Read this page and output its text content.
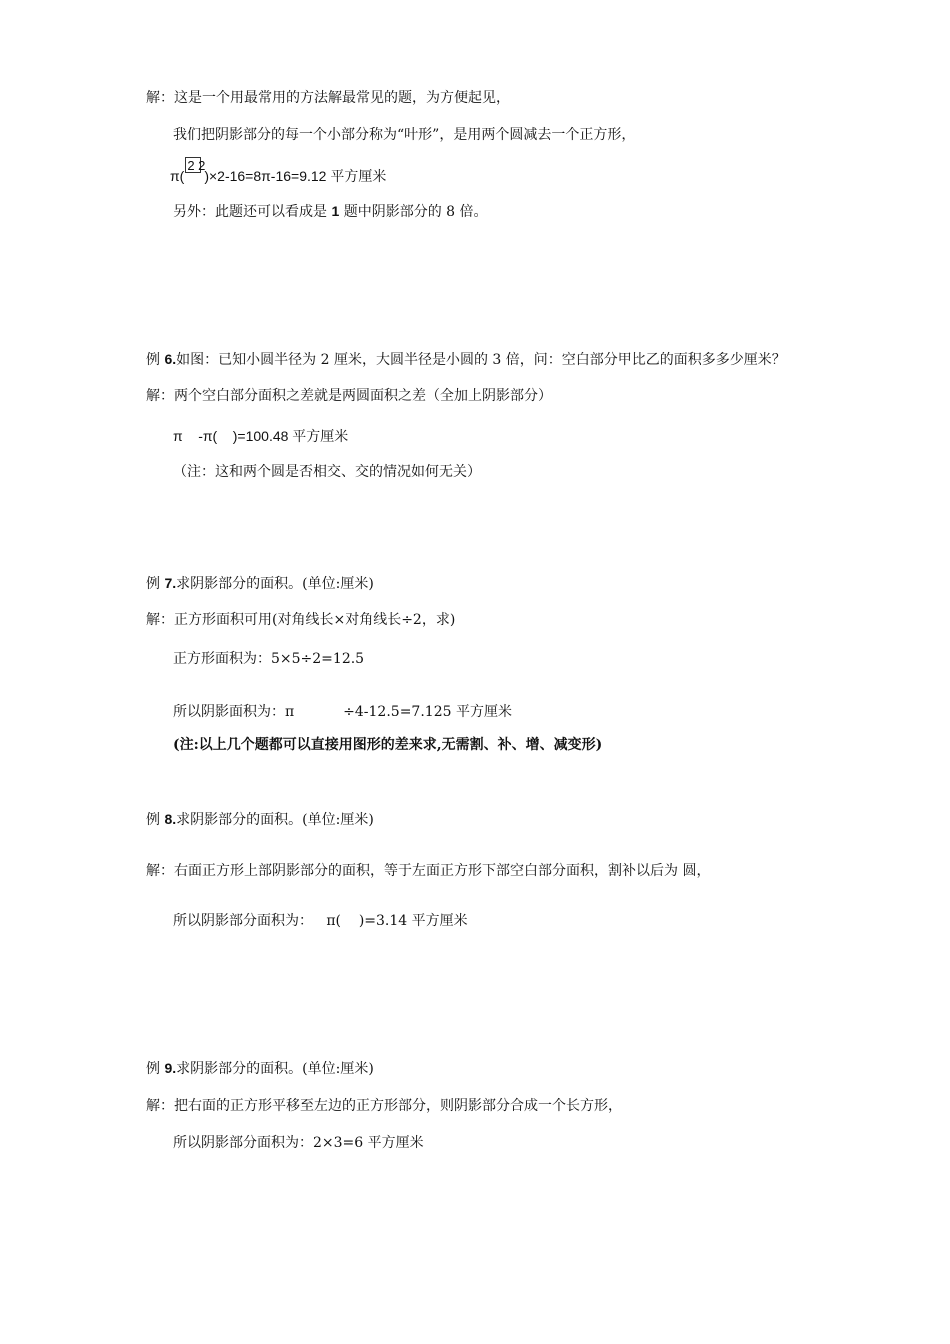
解：这是一个用最常用的方法解最常见的题，为方便起见，
我们把阴影部分的每一个小部分称为“叶形”，是用两个圆减去一个正方形，
π(
2 2
)×2-16=8π-16=9.12 平方厘米
另外：此题还可以看成是 1 题中阴影部分的 8 倍。
例 6.如图：已知小圆半径为 2 厘米，大圆半径是小圆的 3 倍，问：空白部分甲比乙的面积多多少厘米？
解：两个空白部分面积之差就是两圆面积之差（全加上阴影部分）
π    -π(    )=100.48 平方厘米
（注：这和两个圆是否相交、交的情况如何无关）
例 7.求阴影部分的面积。(单位:厘米)
解：正方形面积可用(对角线长×对角线长÷2，求)
正方形面积为：5×5÷2=12.5
所以阴影面积为：π           ÷4-12.5=7.125 平方厘米
(注:以上几个题都可以直接用图形的差来求,无需割、补、增、减变形)
例 8.求阴影部分的面积。(单位:厘米)
解：右面正方形上部阴影部分的面积，等于左面正方形下部空白部分面积，割补以后为 圆，
所以阴影部分面积为：   π(    )=3.14 平方厘米
例 9.求阴影部分的面积。(单位:厘米)
解：把右面的正方形平移至左边的正方形部分，则阴影部分合成一个长方形，
所以阴影部分面积为：2×3=6 平方厘米
